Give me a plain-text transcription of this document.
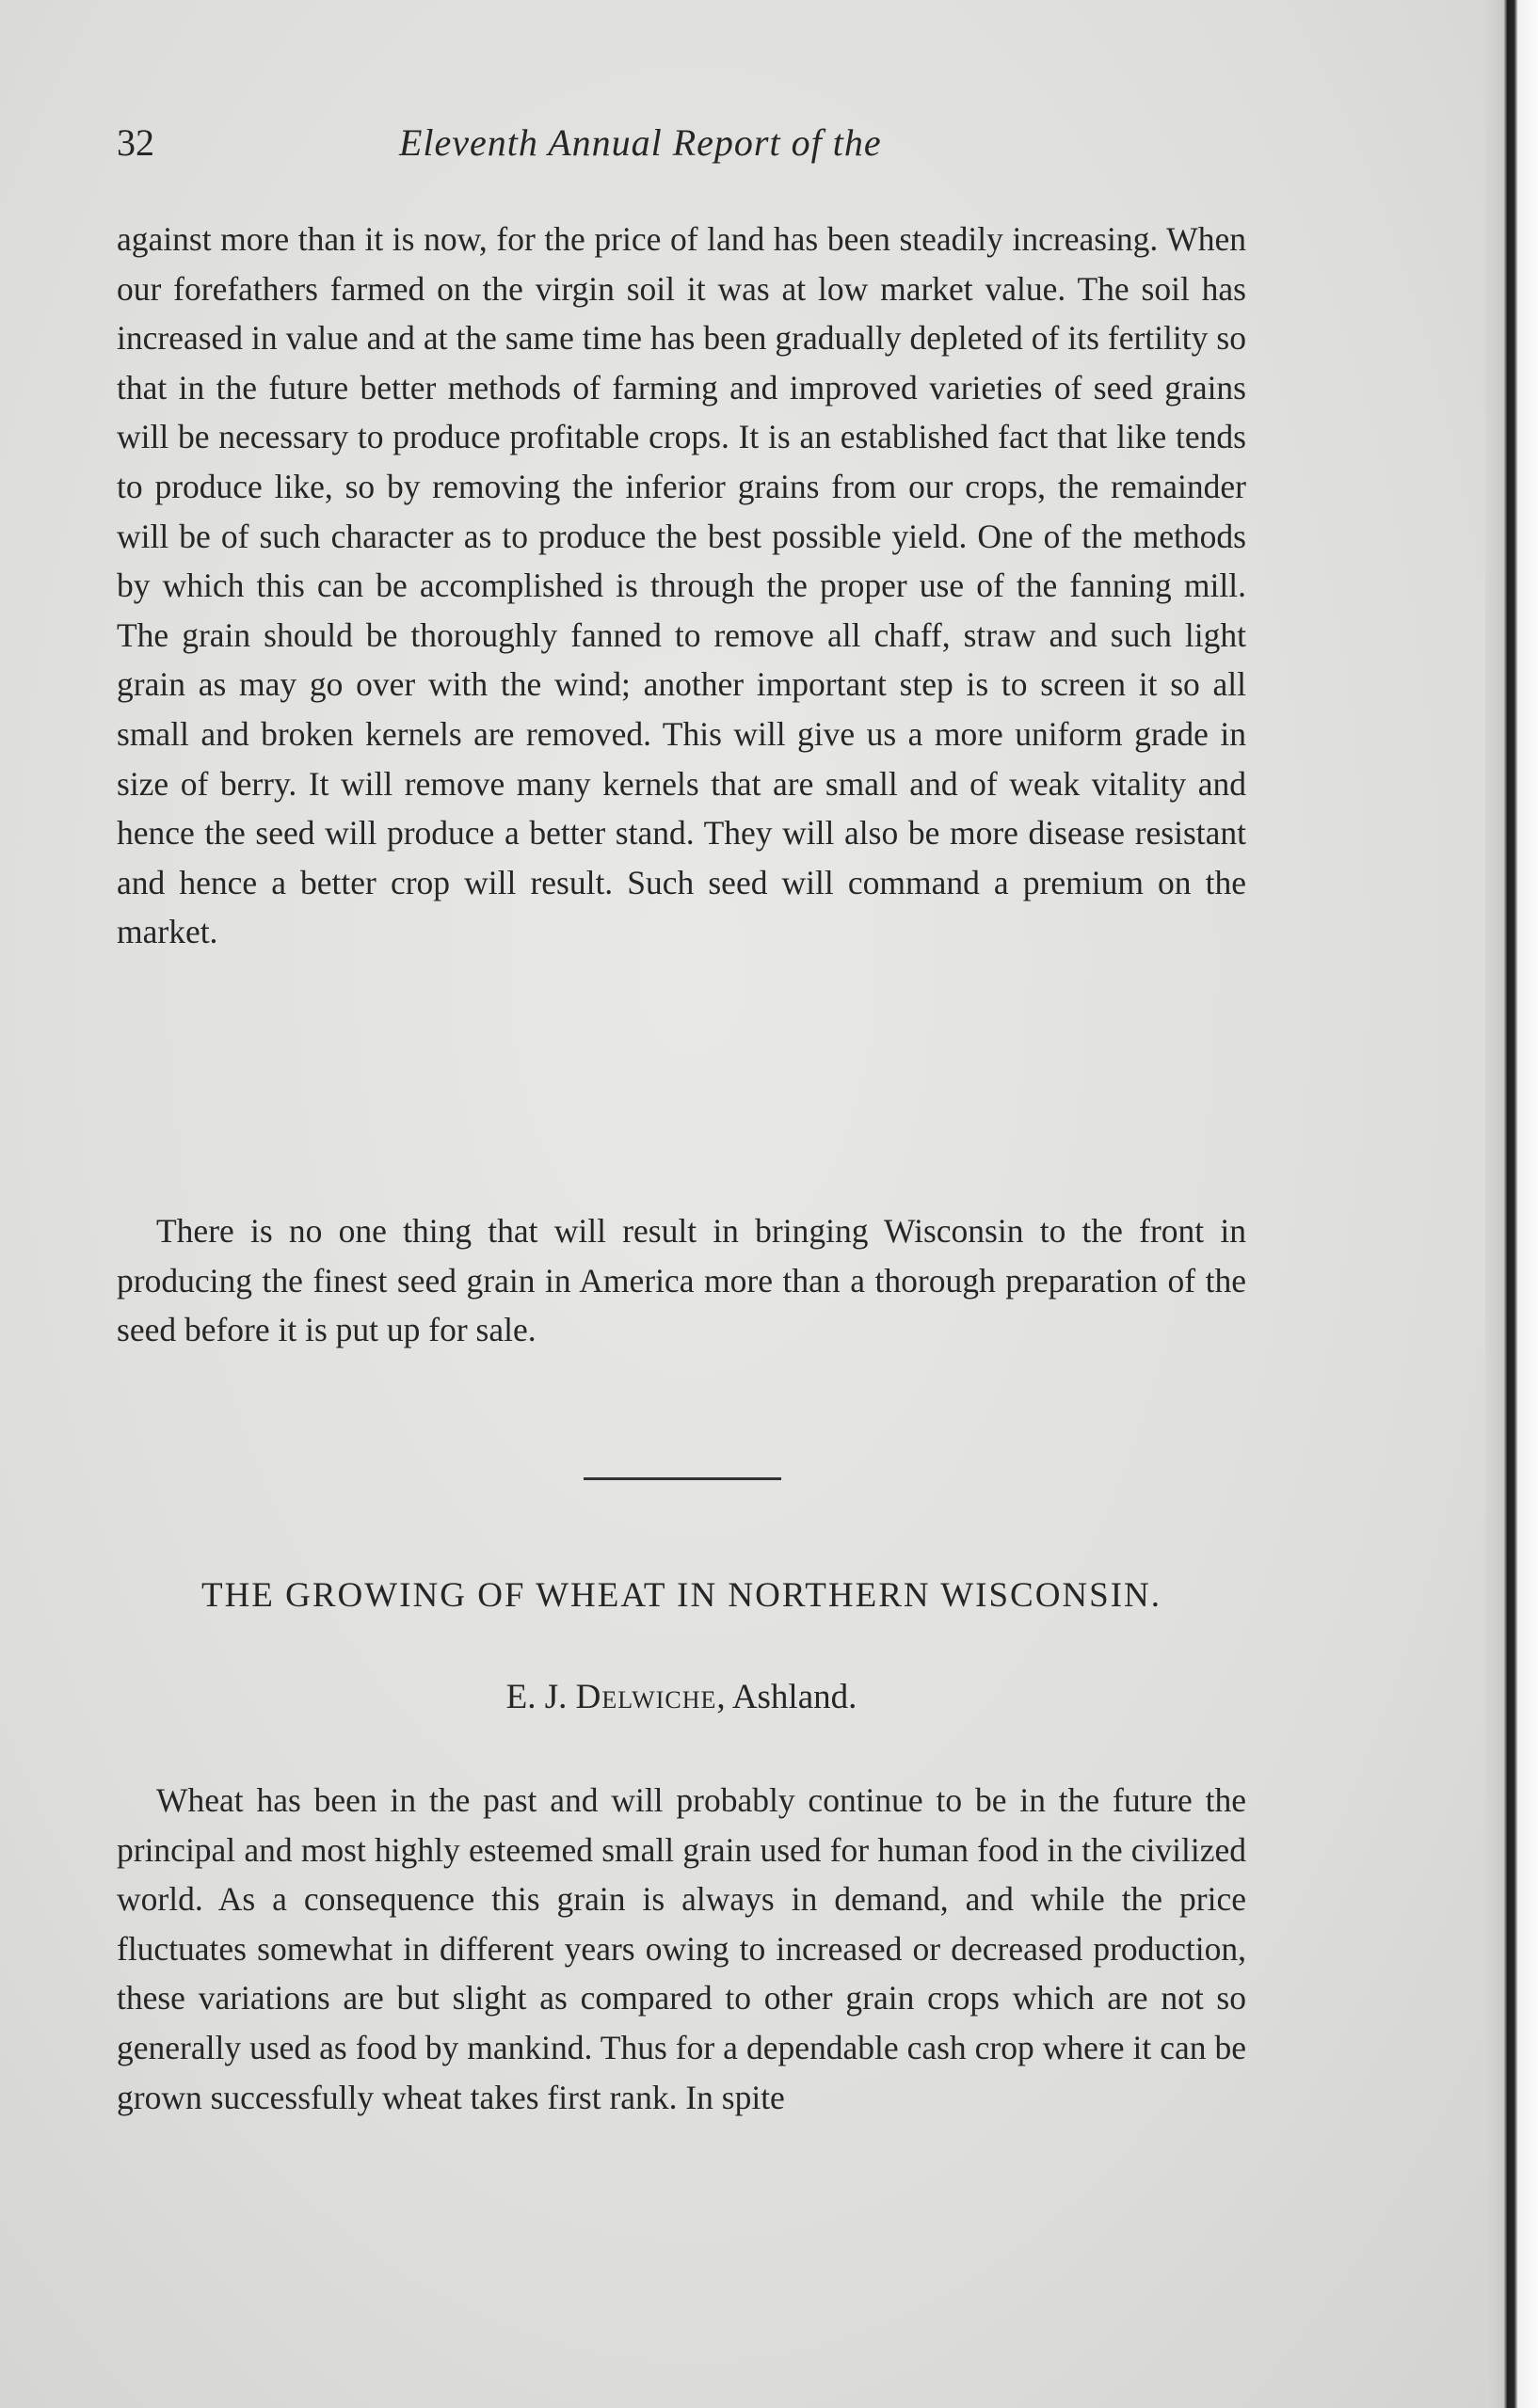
32	Eleventh Annual Report of the

against more than it is now, for the price of land has been steadily increasing. When our forefathers farmed on the virgin soil it was at low market value. The soil has increased in value and at the same time has been gradually depleted of its fertility so that in the future better methods of farming and improved varieties of seed grains will be necessary to produce profitable crops. It is an established fact that like tends to produce like, so by removing the inferior grains from our crops, the remainder will be of such character as to produce the best possible yield. One of the methods by which this can be accomplished is through the proper use of the fanning mill. The grain should be thoroughly fanned to remove all chaff, straw and such light grain as may go over with the wind; another important step is to screen it so all small and broken kernels are removed. This will give us a more uniform grade in size of berry. It will remove many kernels that are small and of weak vitality and hence the seed will produce a better stand. They will also be more disease resistant and hence a better crop will result. Such seed will command a premium on the market.

There is no one thing that will result in bringing Wisconsin to the front in producing the finest seed grain in America more than a thorough preparation of the seed before it is put up for sale.

THE GROWING OF WHEAT IN NORTHERN WISCONSIN.
E. J. Delwiche, Ashland.

Wheat has been in the past and will probably continue to be in the future the principal and most highly esteemed small grain used for human food in the civilized world. As a consequence this grain is always in demand, and while the price fluctuates somewhat in different years owing to increased or decreased production, these variations are but slight as compared to other grain crops which are not so generally used as food by mankind. Thus for a dependable cash crop where it can be grown successfully wheat takes first rank. In spite
